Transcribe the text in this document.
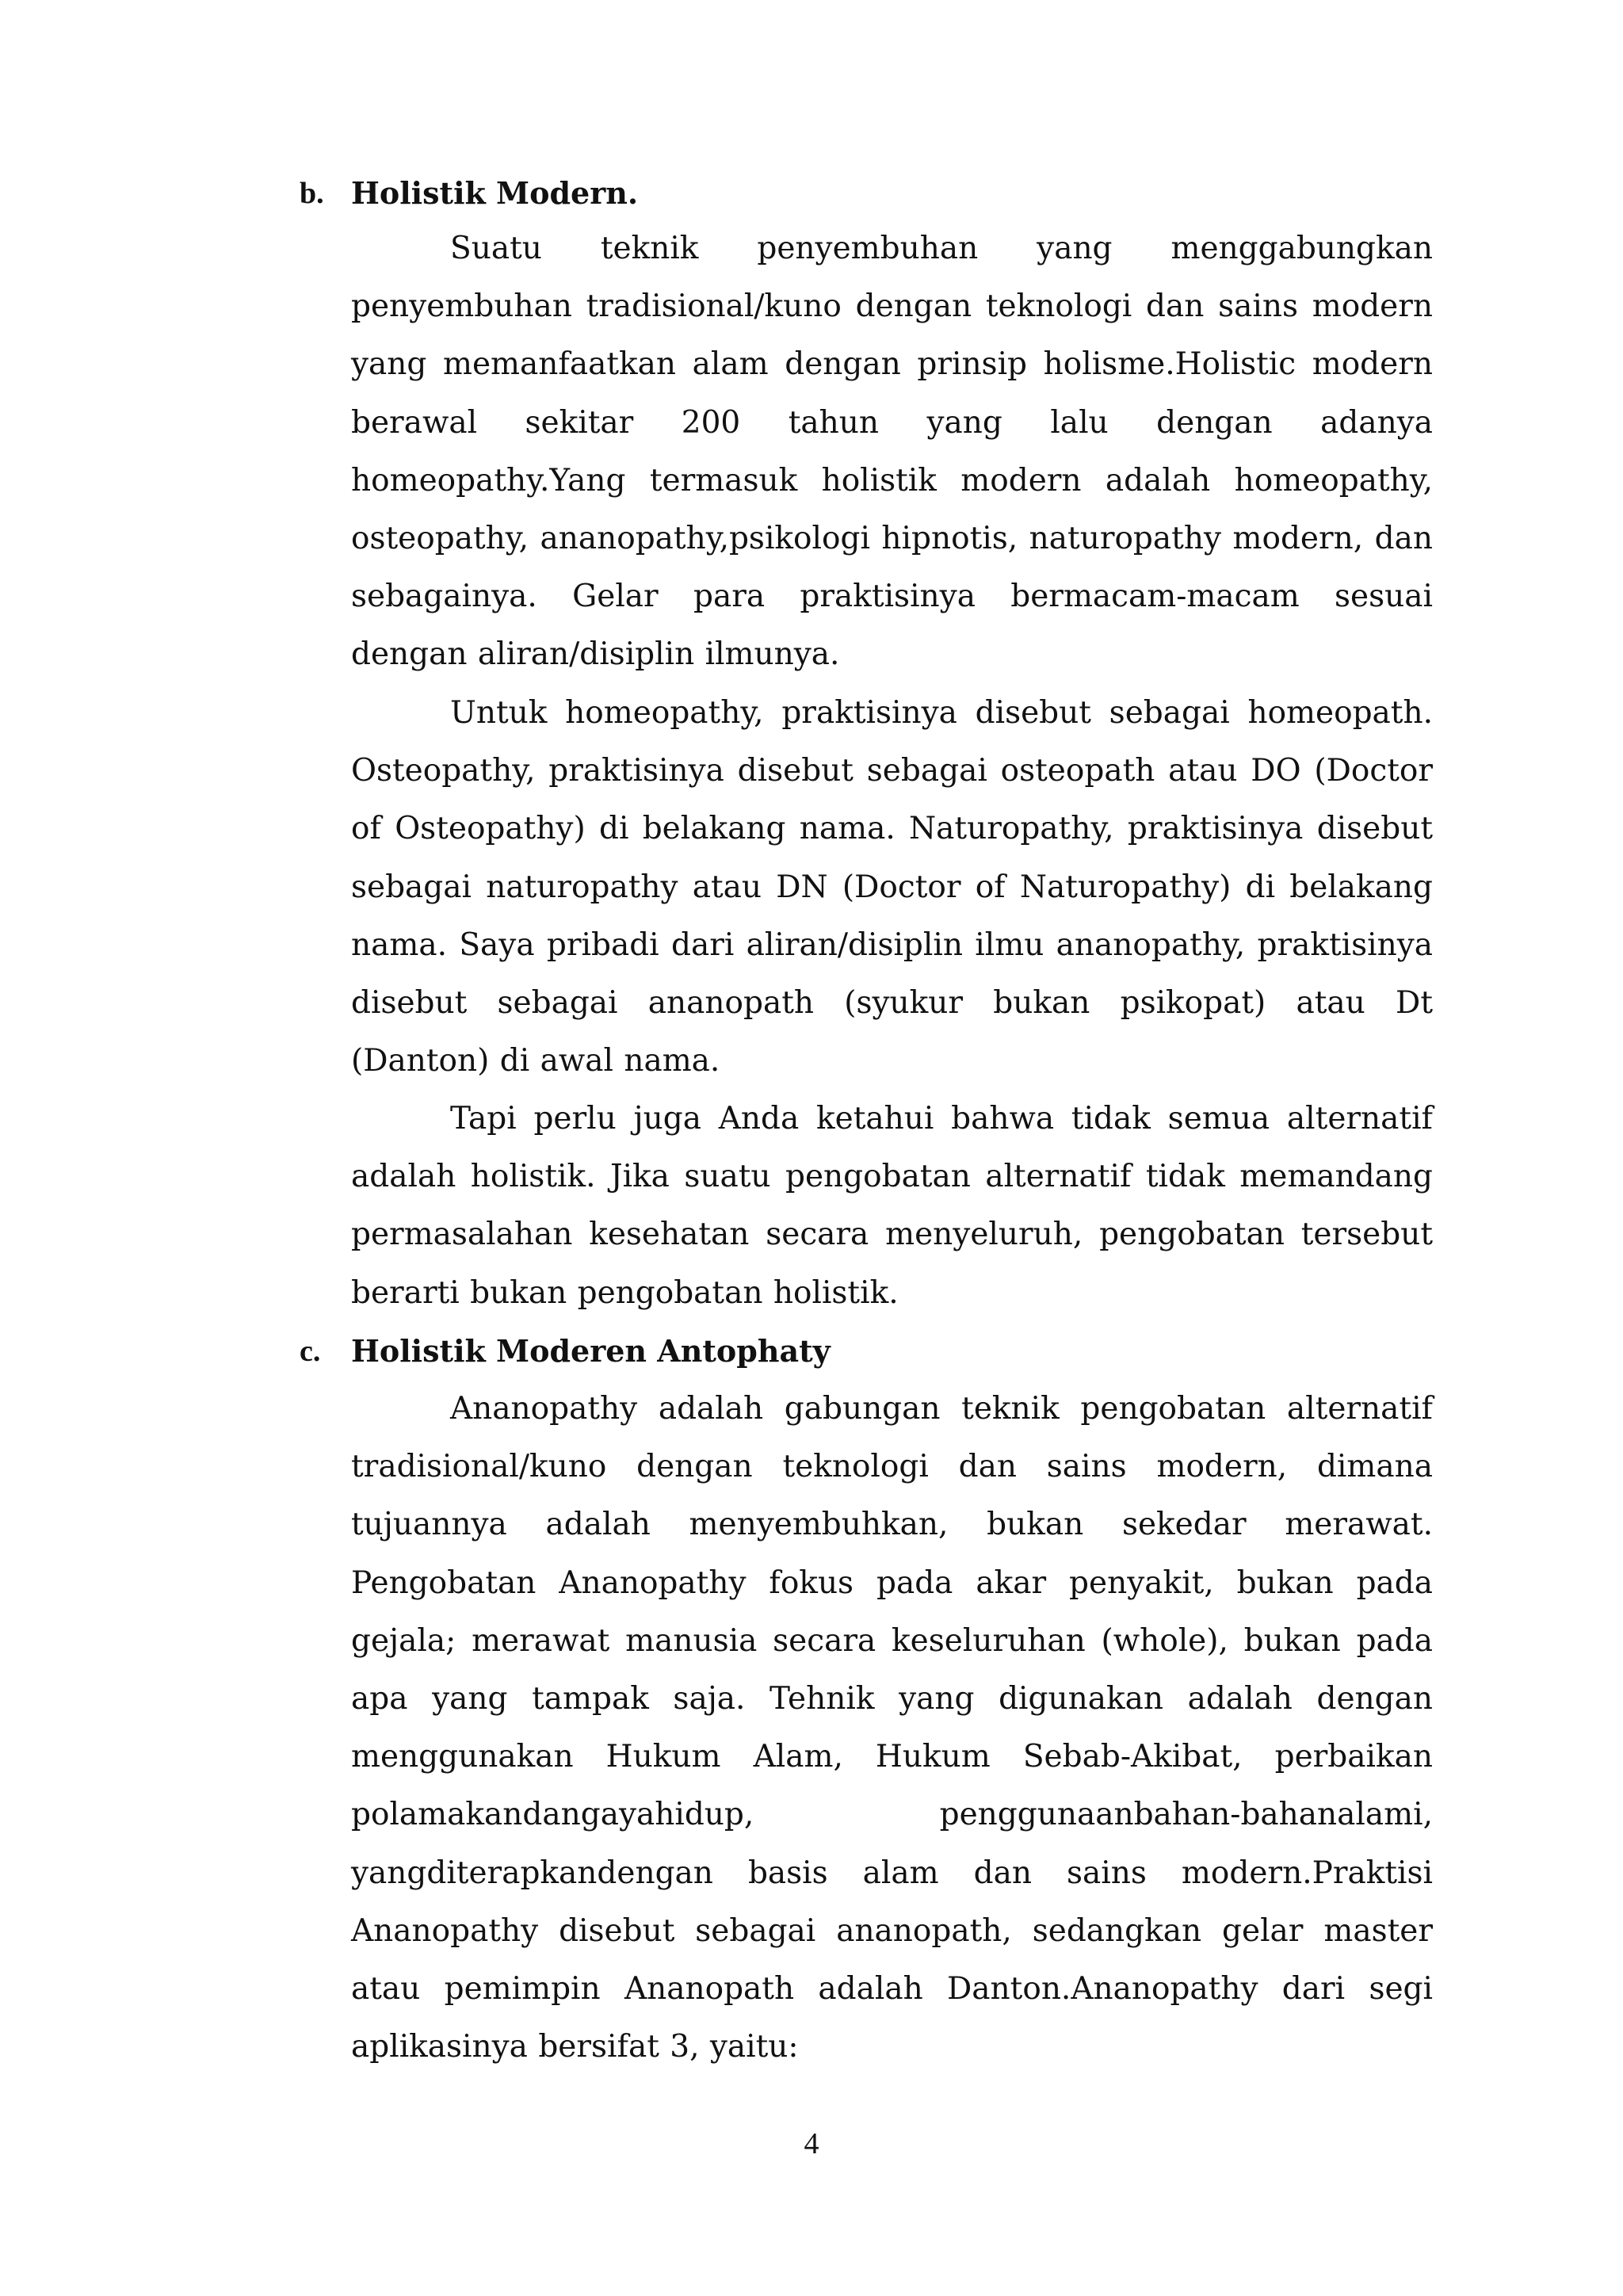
b. Holistik Modern.

Suatu teknik penyembuhan yang menggabungkan penyembuhan tradisional/kuno dengan teknologi dan sains modern yang memanfaatkan alam dengan prinsip holisme.Holistic modern berawal sekitar 200 tahun yang lalu dengan adanya homeopathy.Yang termasuk holistik modern adalah homeopathy, osteopathy, ananopathy,psikologi hipnotis, naturopathy modern, dan sebagainya. Gelar para praktisinya bermacam-macam sesuai dengan aliran/disiplin ilmunya.

Untuk homeopathy, praktisinya disebut sebagai homeopath. Osteopathy, praktisinya disebut sebagai osteopath atau DO (Doctor of Osteopathy) di belakang nama. Naturopathy, praktisinya disebut sebagai naturopathy atau DN (Doctor of Naturopathy) di belakang nama. Saya pribadi dari aliran/disiplin ilmu ananopathy, praktisinya disebut sebagai ananopath (syukur bukan psikopat) atau Dt (Danton) di awal nama.

Tapi perlu juga Anda ketahui bahwa tidak semua alternatif adalah holistik. Jika suatu pengobatan alternatif tidak memandang permasalahan kesehatan secara menyeluruh, pengobatan tersebut berarti bukan pengobatan holistik.

c. Holistik Moderen Antophaty

Ananopathy adalah gabungan teknik pengobatan alternatif tradisional/kuno dengan teknologi dan sains modern, dimana tujuannya adalah menyembuhkan, bukan sekedar merawat. Pengobatan Ananopathy fokus pada akar penyakit, bukan pada gejala; merawat manusia secara keseluruhan (whole), bukan pada apa yang tampak saja. Tehnik yang digunakan adalah dengan menggunakan Hukum Alam, Hukum Sebab-Akibat, perbaikan polamakandangayahidup, penggunaanbahan-bahanalami, yangditerapkandengan basis alam dan sains modern.Praktisi Ananopathy disebut sebagai ananopath, sedangkan gelar master atau pemimpin Ananopath adalah Danton.Ananopathy dari segi aplikasinya bersifat 3, yaitu:

4
